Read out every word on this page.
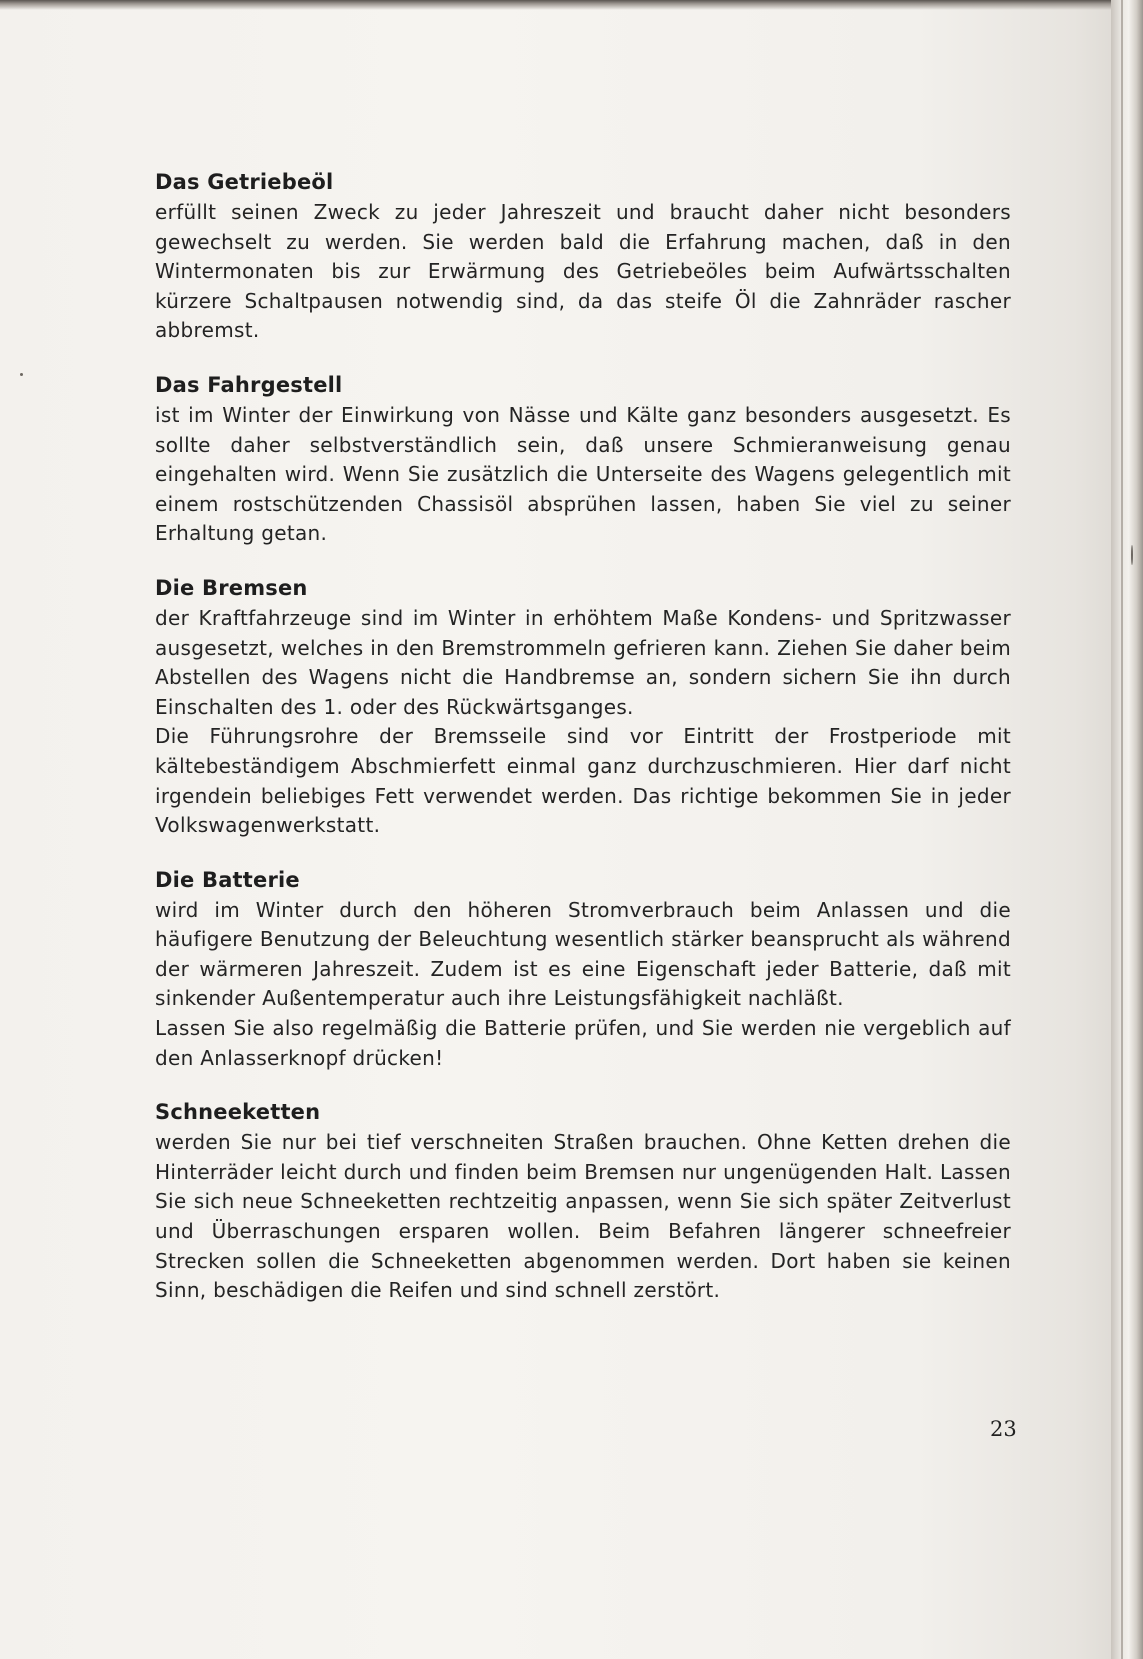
Das Getriebeöl

erfüllt seinen Zweck zu jeder Jahreszeit und braucht daher nicht besonders gewechselt zu werden. Sie werden bald die Erfahrung machen, daß in den Wintermonaten bis zur Erwärmung des Getriebeöles beim Aufwärtsschalten kürzere Schaltpausen notwendig sind, da das steife Öl die Zahnräder rascher abbremst.

Das Fahrgestell

ist im Winter der Einwirkung von Nässe und Kälte ganz besonders ausgesetzt. Es sollte daher selbstverständlich sein, daß unsere Schmieranweisung genau eingehalten wird. Wenn Sie zusätzlich die Unterseite des Wagens gelegentlich mit einem rostschützenden Chassisöl absprühen lassen, haben Sie viel zu seiner Erhaltung getan.

Die Bremsen

der Kraftfahrzeuge sind im Winter in erhöhtem Maße Kondens- und Spritzwasser ausgesetzt, welches in den Bremstrommeln gefrieren kann. Ziehen Sie daher beim Abstellen des Wagens nicht die Handbremse an, sondern sichern Sie ihn durch Einschalten des 1. oder des Rückwärtsganges.

Die Führungsrohre der Bremsseile sind vor Eintritt der Frostperiode mit kältebeständigem Abschmierfett einmal ganz durchzuschmieren. Hier darf nicht irgendein beliebiges Fett verwendet werden. Das richtige bekommen Sie in jeder Volkswagenwerkstatt.

Die Batterie

wird im Winter durch den höheren Stromverbrauch beim Anlassen und die häufigere Benutzung der Beleuchtung wesentlich stärker beansprucht als während der wärmeren Jahreszeit. Zudem ist es eine Eigenschaft jeder Batterie, daß mit sinkender Außentemperatur auch ihre Leistungsfähigkeit nachläßt.

Lassen Sie also regelmäßig die Batterie prüfen, und Sie werden nie vergeblich auf den Anlasserknopf drücken!

Schneeketten

werden Sie nur bei tief verschneiten Straßen brauchen. Ohne Ketten drehen die Hinterräder leicht durch und finden beim Bremsen nur ungenügenden Halt. Lassen Sie sich neue Schneeketten rechtzeitig anpassen, wenn Sie sich später Zeitverlust und Überraschungen ersparen wollen. Beim Befahren längerer schneefreier Strecken sollen die Schneeketten abgenommen werden. Dort haben sie keinen Sinn, beschädigen die Reifen und sind schnell zerstört.

23
